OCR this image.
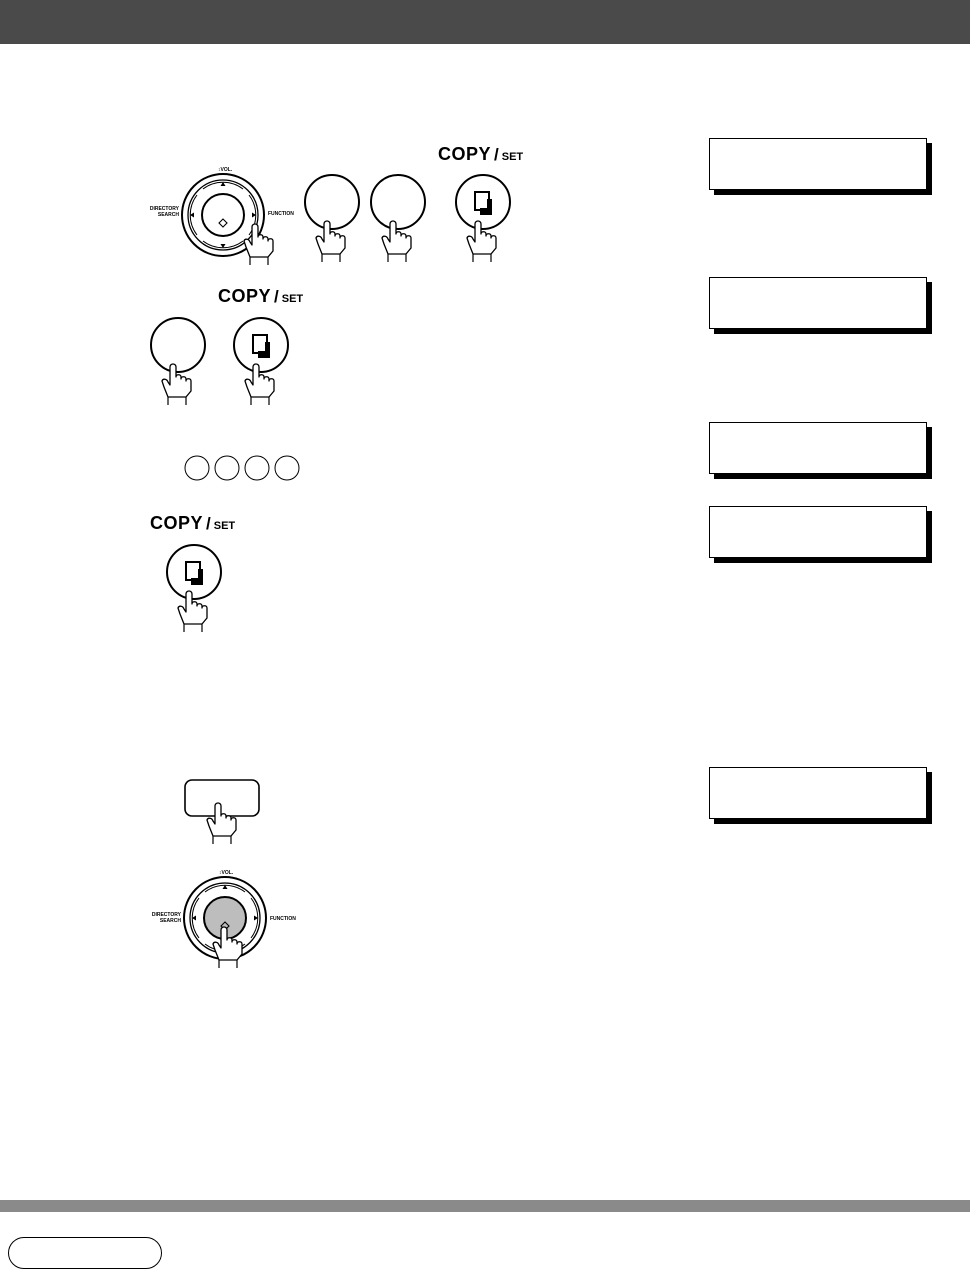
COPY / SET
COPY / SET
COPY / SET
DIRECTORY
SEARCH	FUNCTION
↕VOL.
DIRECTORY
SEARCH	FUNCTION
↕VOL.
